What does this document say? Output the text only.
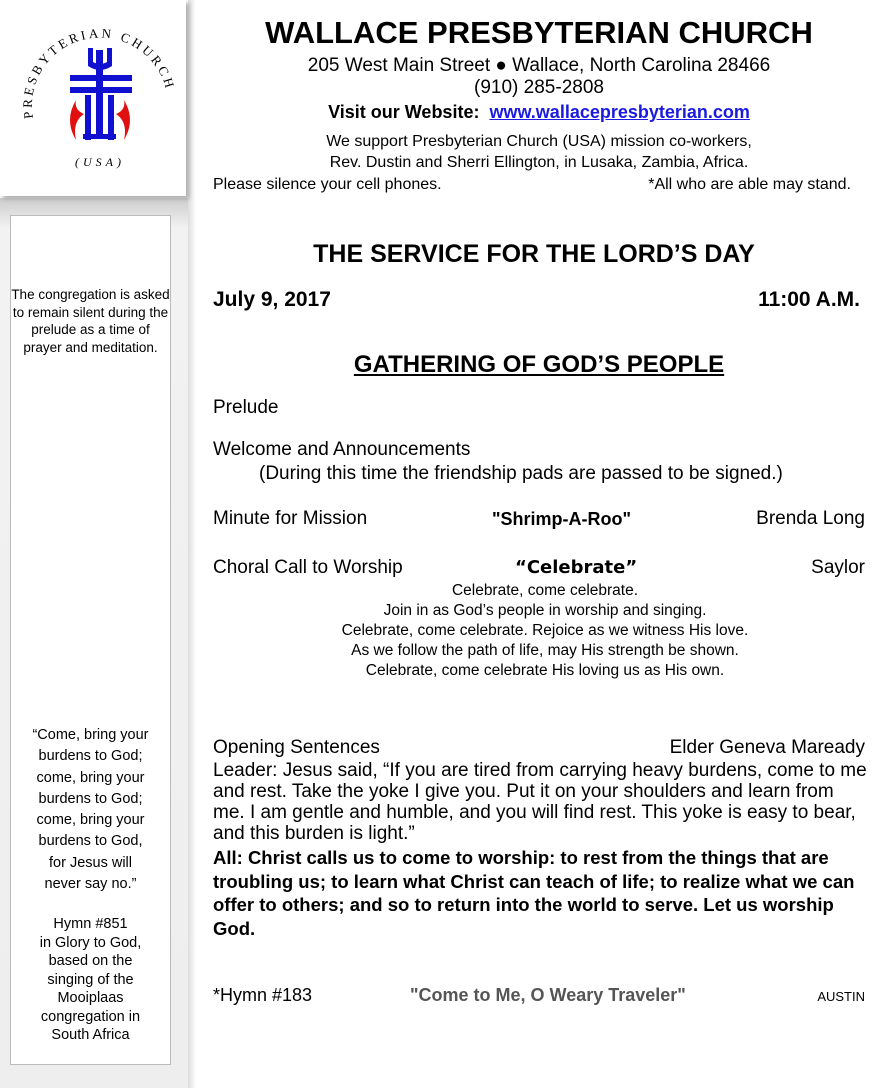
PRESBYTERIAN CHURCH
(USA)
The congregation is asked to remain silent during the prelude as a time of prayer and meditation.
“Come, bring your
burdens to God;
come, bring your
burdens to God;
come, bring your
burdens to God,
for Jesus will
never say no.”
Hymn #851
in Glory to God,
based on the
singing of the
Mooiplaas
congregation in
South Africa
WALLACE PRESBYTERIAN CHURCH
205 West Main Street ● Wallace, North Carolina 28466
(910) 285-2808
Visit our Website: www.wallacepresbyterian.com
We support Presbyterian Church (USA) mission co-workers,
Rev. Dustin and Sherri Ellington, in Lusaka, Zambia, Africa.
Please silence your cell phones.	*All who are able may stand.
THE SERVICE FOR THE LORD’S DAY
July 9, 2017	11:00 A.M.
GATHERING OF GOD’S PEOPLE
Prelude
Welcome and Announcements
(During this time the friendship pads are passed to be signed.)
Minute for Mission	"Shrimp-A-Roo"	Brenda Long
Choral Call to Worship	“Celebrate”	Saylor
Celebrate, come celebrate.
Join in as God’s people in worship and singing.
Celebrate, come celebrate. Rejoice as we witness His love.
As we follow the path of life, may His strength be shown.
Celebrate, come celebrate His loving us as His own.
Opening Sentences	Elder Geneva Maready
Leader: Jesus said, “If you are tired from carrying heavy burdens, come to me and rest. Take the yoke I give you. Put it on your shoulders and learn from me. I am gentle and humble, and you will find rest. This yoke is easy to bear, and this burden is light.”
All: Christ calls us to come to worship: to rest from the things that are troubling us; to learn what Christ can teach of life; to realize what we can offer to others; and so to return into the world to serve. Let us worship God.
*Hymn #183	"Come to Me, O Weary Traveler"	AUSTIN
